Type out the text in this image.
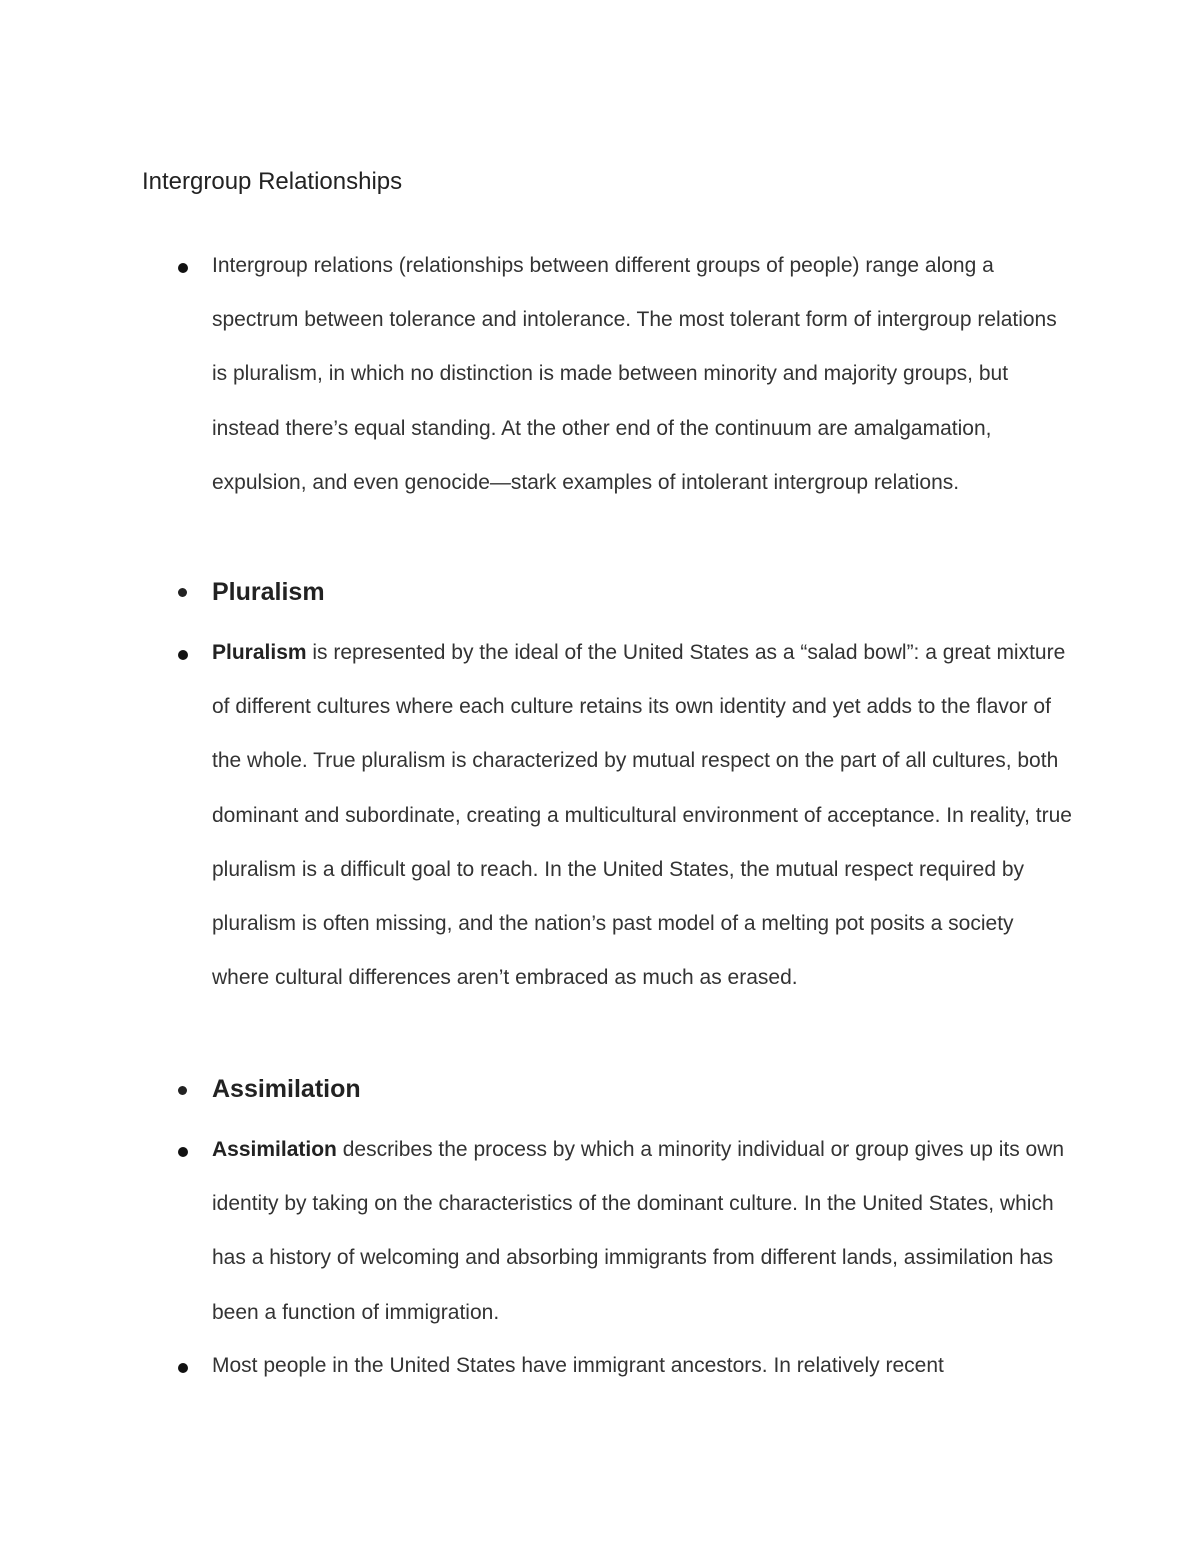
Intergroup Relationships

Intergroup relations (relationships between different groups of people) range along a spectrum between tolerance and intolerance. The most tolerant form of intergroup relations is pluralism, in which no distinction is made between minority and majority groups, but instead there’s equal standing. At the other end of the continuum are amalgamation, expulsion, and even genocide—stark examples of intolerant intergroup relations.

Pluralism

Pluralism is represented by the ideal of the United States as a “salad bowl”: a great mixture of different cultures where each culture retains its own identity and yet adds to the flavor of the whole. True pluralism is characterized by mutual respect on the part of all cultures, both dominant and subordinate, creating a multicultural environment of acceptance. In reality, true pluralism is a difficult goal to reach. In the United States, the mutual respect required by pluralism is often missing, and the nation’s past model of a melting pot posits a society where cultural differences aren’t embraced as much as erased.

Assimilation

Assimilation describes the process by which a minority individual or group gives up its own identity by taking on the characteristics of the dominant culture. In the United States, which has a history of welcoming and absorbing immigrants from different lands, assimilation has been a function of immigration.

Most people in the United States have immigrant ancestors. In relatively recent
